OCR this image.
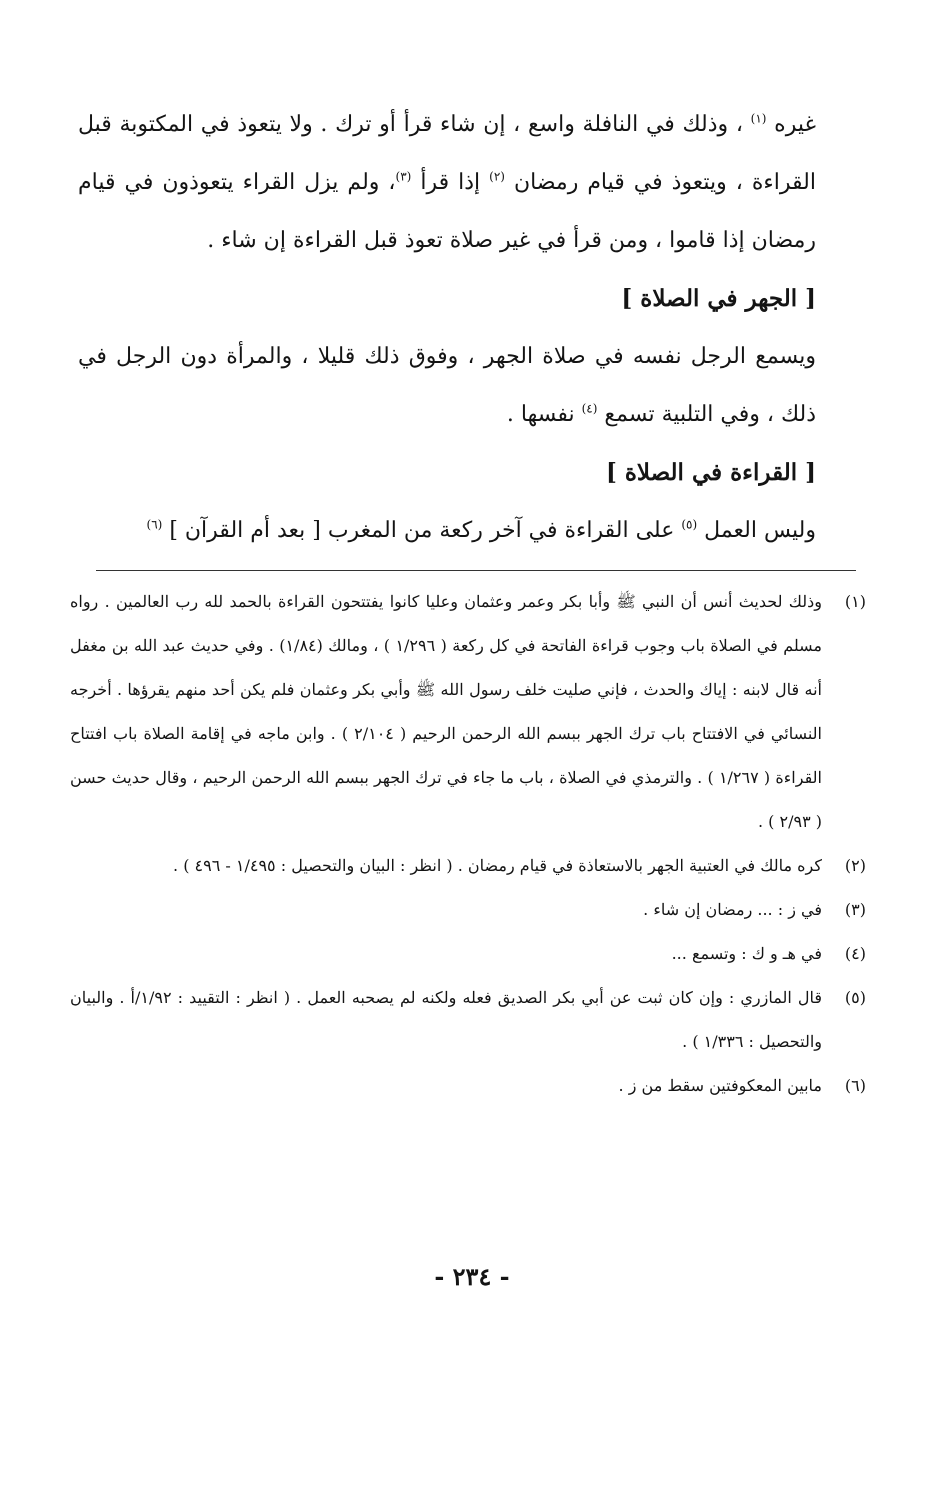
غيره $^{(١)}$ ، وذلك في النافلة واسع ، إن شاء قرأ أو ترك . ولا يتعوذ في المكتوبة قبل القراءة ، ويتعوذ في قيام رمضان $^{(٢)}$ إذا قرأ $^{(٣)}$، ولم يزل القراء يتعوذون في قيام رمضان إذا قاموا ، ومن قرأ في غير صلاة تعوذ قبل القراءة إن شاء .

[ الجهر في الصلاة ]

ويسمع الرجل نفسه في صلاة الجهر ، وفوق ذلك قليلا ، والمرأة دون الرجل في ذلك ، وفي التلبية تسمع $^{(٤)}$ نفسها .

[ القراءة في الصلاة ]

وليس العمل $^{(٥)}$ على القراءة في آخر ركعة من المغرب [ بعد أم القرآن ] $^{(٦)}$

(١)
وذلك لحديث أنس أن النبي ﷺ وأبا بكر وعمر وعثمان وعليا كانوا يفتتحون القراءة بالحمد لله رب العالمين . رواه مسلم في الصلاة باب وجوب قراءة الفاتحة في كل ركعة ( ١/٢٩٦ ) ، ومالك (١/٨٤) . وفي حديث عبد الله بن مغفل أنه قال لابنه : إياك والحدث ، فإني صليت خلف رسول الله ﷺ وأبي بكر وعثمان فلم يكن أحد منهم يقرؤها . أخرجه النسائي في الافتتاح باب ترك الجهر ببسم الله الرحمن الرحيم ( ٢/١٠٤ ) . وابن ماجه في إقامة الصلاة باب افتتاح القراءة ( ١/٢٦٧ ) . والترمذي في الصلاة ، باب ما جاء في ترك الجهر ببسم الله الرحمن الرحيم ، وقال حديث حسن ( ٢/٩٣ ) .
(٢)
كره مالك في العتبية الجهر بالاستعاذة في قيام رمضان . ( انظر : البيان والتحصيل : ١/٤٩٥ - ٤٩٦ ) .
(٣)
في ز : ... رمضان إن شاء .
(٤)
في هـ و ك : وتسمع ...
(٥)
قال المازري : وإن كان ثبت عن أبي بكر الصديق فعله ولكنه لم يصحبه العمل . ( انظر : التقييد : ١/٩٢/أ . والبيان والتحصيل : ١/٣٣٦ ) .
(٦)
مابين المعكوفتين سقط من ز .
- ٢٣٤ -
